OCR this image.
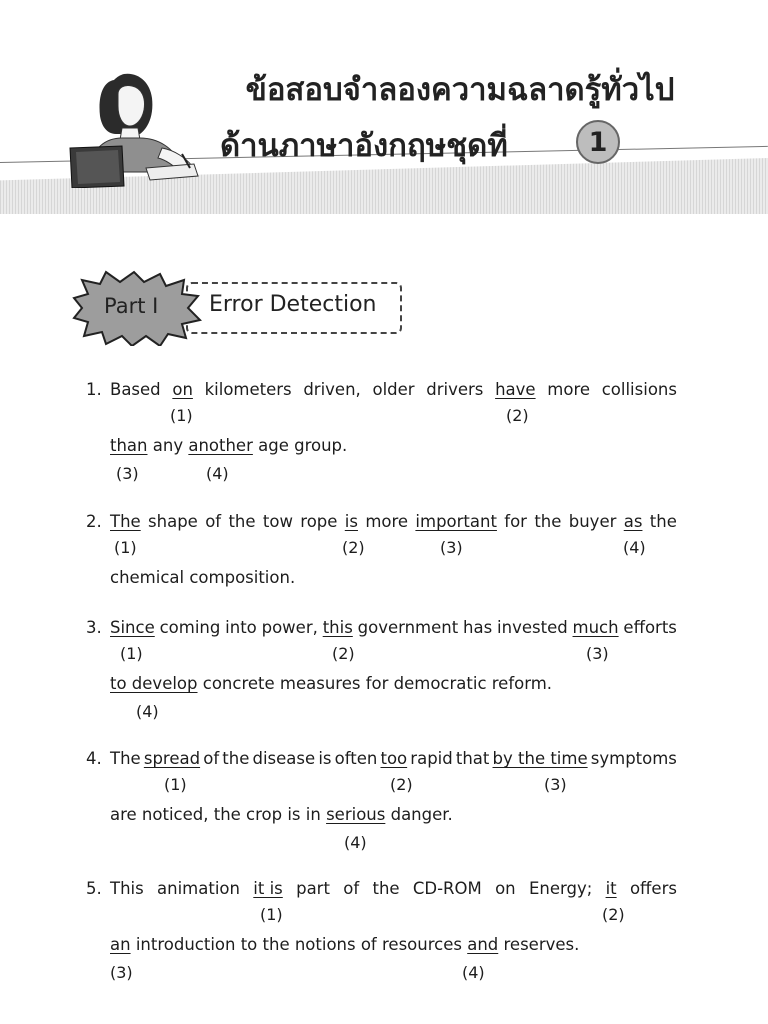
ข้อสอบจำลองความฉลาดรู้ทั่วไป
ด้านภาษาอังกฤษชุดที่	1
Part I Error Detection
1. Based on kilometers driven, older drivers have more collisions
(1)	(2)
than any another age group.
(3)	(4)
2. The shape of the tow rope is more important for the buyer as the
(1)	(2)	(3)	(4)
chemical composition.
3. Since coming into power, this government has invested much efforts
(1)	(2)	(3)
to develop concrete measures for democratic reform.
(4)
4. The spread of the disease is often too rapid that by the time symptoms
(1)	(2)	(3)
are noticed, the crop is in serious danger.
(4)
5. This animation it is part of the CD-ROM on Energy; it offers
(1)	(2)
an introduction to the notions of resources and reserves.
(3)	(4)
